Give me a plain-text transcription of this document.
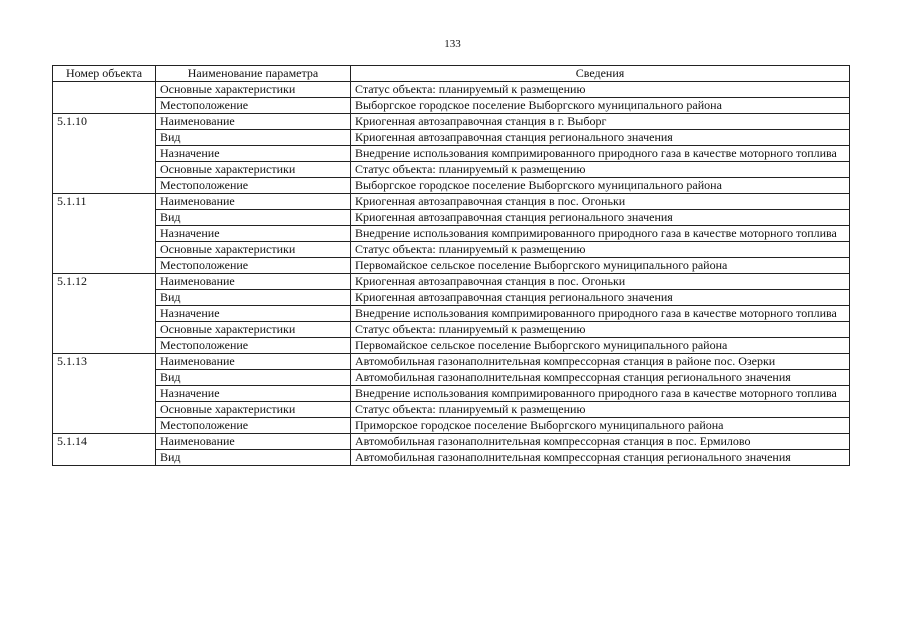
133
Номер объекта	Наименование параметра	Сведения
	Основные характеристики	Статус объекта: планируемый к размещению
	Местоположение	Выборгское городское поселение Выборгского муниципального района
5.1.10	Наименование	Криогенная автозаправочная станция в г. Выборг
	Вид	Криогенная автозаправочная станция регионального значения
	Назначение	Внедрение использования компримированного природного газа в качестве моторного топлива
	Основные характеристики	Статус объекта: планируемый к размещению
	Местоположение	Выборгское городское поселение Выборгского муниципального района
5.1.11	Наименование	Криогенная автозаправочная станция в пос. Огоньки
	Вид	Криогенная автозаправочная станция регионального значения
	Назначение	Внедрение использования компримированного природного газа в качестве моторного топлива
	Основные характеристики	Статус объекта: планируемый к размещению
	Местоположение	Первомайское сельское поселение Выборгского муниципального района
5.1.12	Наименование	Криогенная автозаправочная станция в пос. Огоньки
	Вид	Криогенная автозаправочная станция регионального значения
	Назначение	Внедрение использования компримированного природного газа в качестве моторного топлива
	Основные характеристики	Статус объекта: планируемый к размещению
	Местоположение	Первомайское сельское поселение Выборгского муниципального района
5.1.13	Наименование	Автомобильная газонаполнительная компрессорная станция в районе пос. Озерки
	Вид	Автомобильная газонаполнительная компрессорная станция регионального значения
	Назначение	Внедрение использования компримированного природного газа в качестве моторного топлива
	Основные характеристики	Статус объекта: планируемый к размещению
	Местоположение	Приморское городское поселение Выборгского муниципального района
5.1.14	Наименование	Автомобильная газонаполнительная компрессорная станция в пос. Ермилово
	Вид	Автомобильная газонаполнительная компрессорная станция регионального значения
